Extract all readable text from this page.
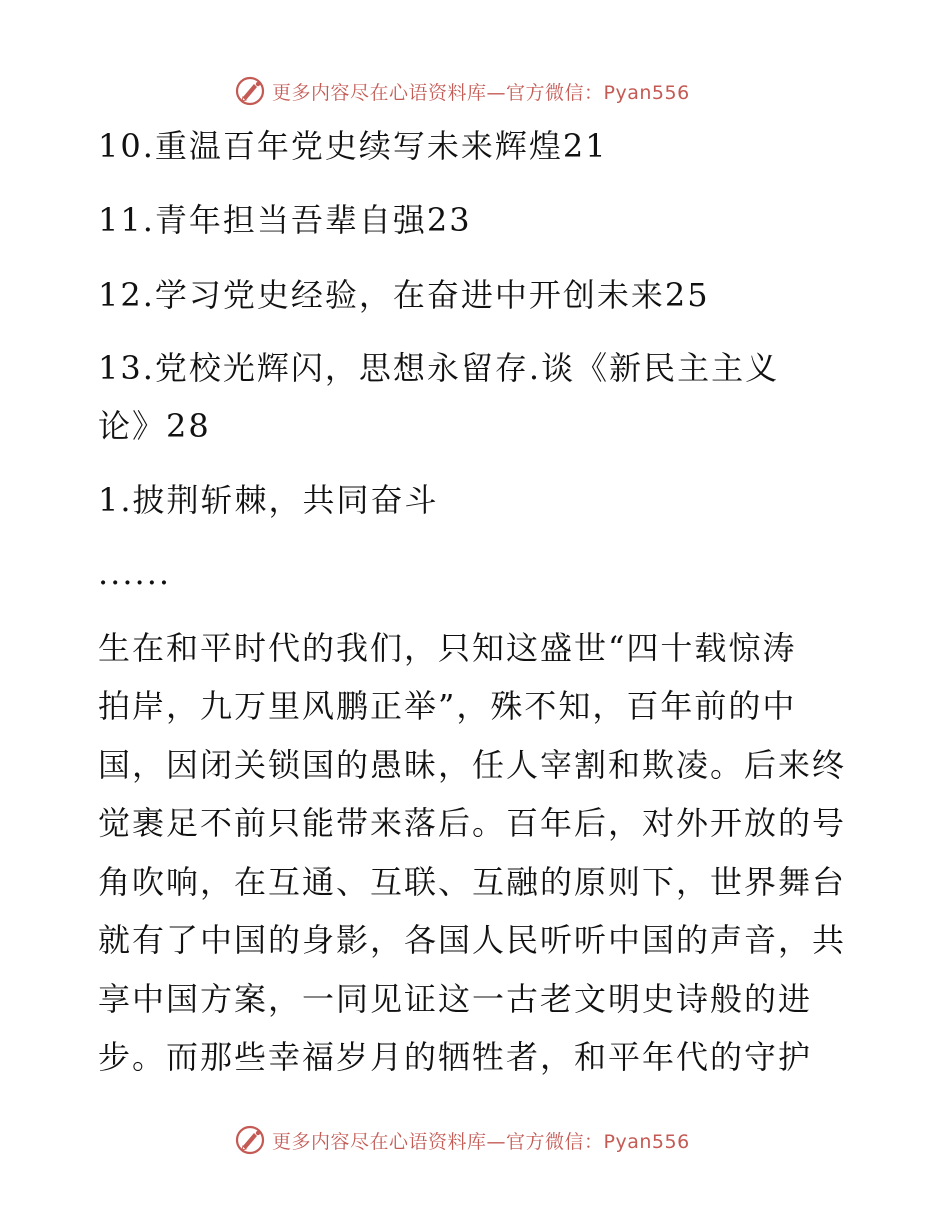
更多内容尽在心语资料库—官方微信：Pyan556
10.重温百年党史续写未来辉煌21
11.青年担当吾辈自强23
12.学习党史经验，在奋进中开创未来25
13.党校光辉闪，思想永留存.谈《新民主主义
论》28
1.披荆斩棘，共同奋斗
......
生在和平时代的我们，只知这盛世“四十载惊涛
拍岸，九万里风鹏正举”，殊不知，百年前的中
国，因闭关锁国的愚昧，任人宰割和欺凌。后来终
觉裹足不前只能带来落后。百年后，对外开放的号
角吹响，在互通、互联、互融的原则下，世界舞台
就有了中国的身影，各国人民听听中国的声音，共
享中国方案，一同见证这一古老文明史诗般的进
步。而那些幸福岁月的牺牲者，和平年代的守护
更多内容尽在心语资料库—官方微信：Pyan556
